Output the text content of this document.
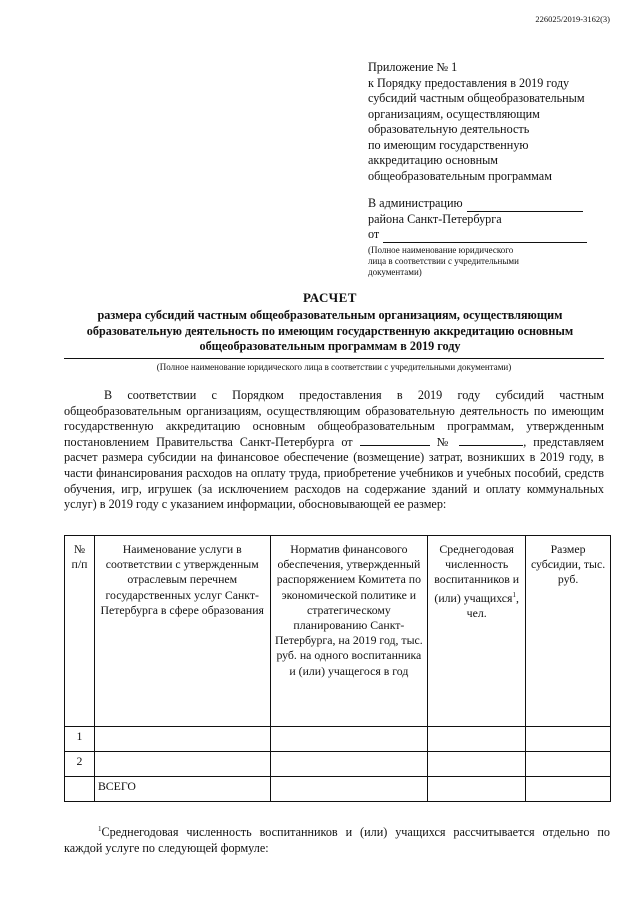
226025/2019-3162(3)
Приложение № 1
к Порядку предоставления в 2019 году
субсидий частным общеобразовательным
организациям, осуществляющим
образовательную деятельность
по имеющим государственную
аккредитацию основным
общеобразовательным программам
В администрацию
района Санкт-Петербурга
от
(Полное наименование юридического
лица в соответствии с учредительными
документами)
РАСЧЕТ
размера субсидий частным общеобразовательным организациям, осуществляющим
образовательную деятельность по имеющим государственную аккредитацию основным
общеобразовательным программам в 2019 году
(Полное наименование юридического лица в соответствии с учредительными документами)

В соответствии с Порядком предоставления в 2019 году субсидий частным общеобразовательным организациям, осуществляющим образовательную деятельность по имеющим государственную аккредитацию основным общеобразовательным программам, утвержденным постановлением Правительства Санкт-Петербурга от	№	, представляем расчет размера субсидии на финансовое обеспечение (возмещение) затрат, возникших в 2019 году, в части финансирования расходов на оплату труда, приобретение учебников и учебных пособий, средств обучения, игр, игрушек (за исключением расходов на содержание зданий и оплату коммунальных услуг) в 2019 году с указанием информации, обосновывающей ее размер:

№ п/п	Наименование услуги в соответствии с утвержденным отраслевым перечнем государственных услуг Санкт-Петербурга в сфере образования	Норматив финансового обеспечения, утвержденный распоряжением Комитета по экономической политике и стратегическому планированию Санкт-Петербурга, на 2019 год, тыс. руб. на одного воспитанника и (или) учащегося в год	Среднегодовая численность воспитанников и (или) учащихся$^1$, чел.	Размер субсидии, тыс. руб.
1				
2				
	ВСЕГО			

$^1$Среднегодовая численность воспитанников и (или) учащихся рассчитывается отдельно по каждой услуге по следующей формуле:
